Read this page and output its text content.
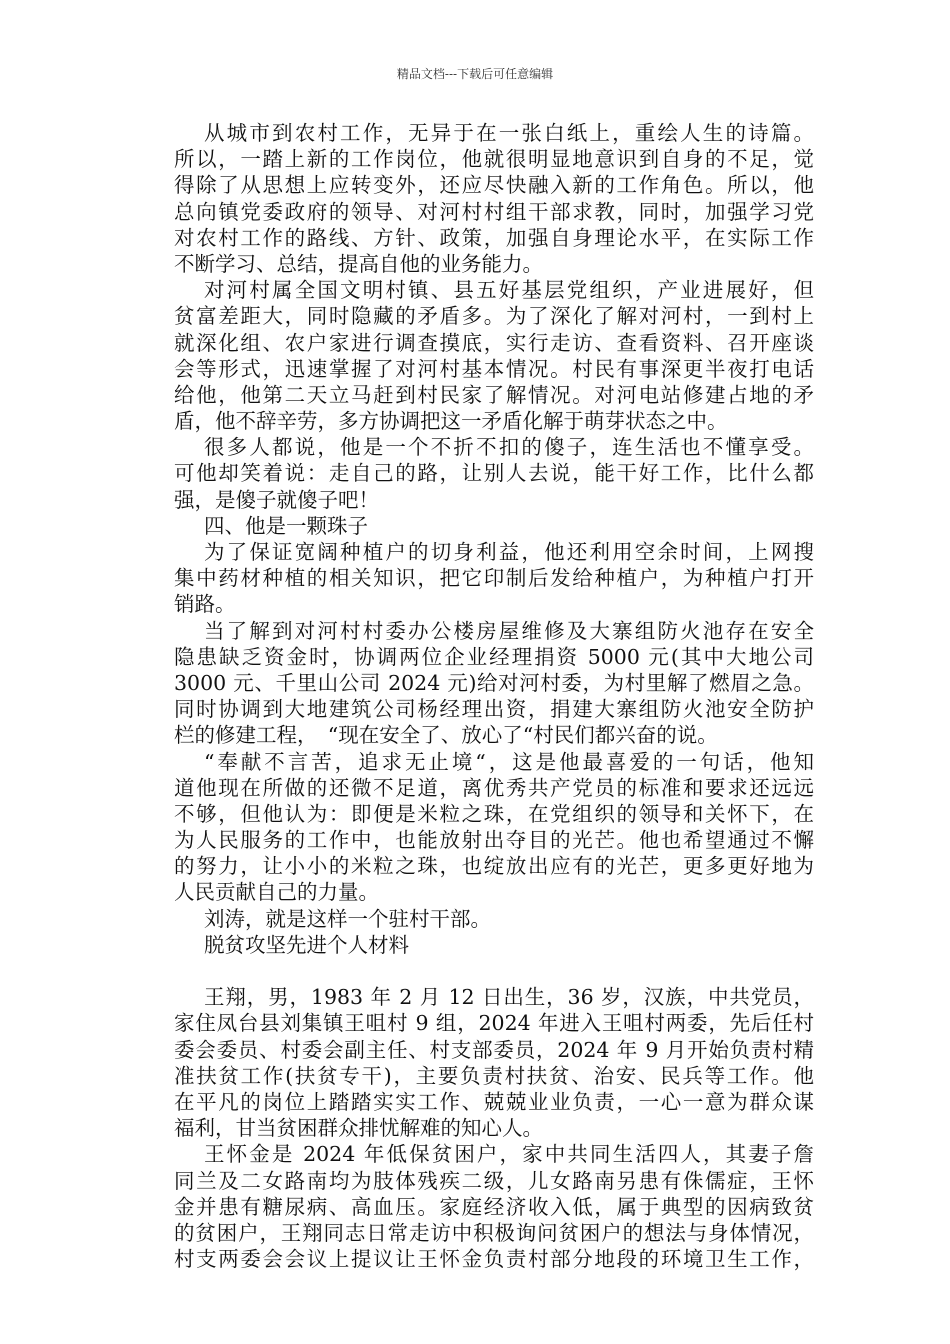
精品文档---下载后可任意编辑
从城市到农村工作，无异于在一张白纸上，重绘人生的诗篇。
所以，一踏上新的工作岗位，他就很明显地意识到自身的不足，觉
得除了从思想上应转变外，还应尽快融入新的工作角色。所以，他
总向镇党委政府的领导、对河村村组干部求教，同时，加强学习党
对农村工作的路线、方针、政策，加强自身理论水平，在实际工作
不断学习、总结，提高自他的业务能力。
对河村属全国文明村镇、县五好基层党组织，产业进展好，但
贫富差距大，同时隐藏的矛盾多。为了深化了解对河村，一到村上
就深化组、农户家进行调查摸底，实行走访、查看资料、召开座谈
会等形式，迅速掌握了对河村基本情况。村民有事深更半夜打电话
给他，他第二天立马赶到村民家了解情况。对河电站修建占地的矛
盾，他不辞辛劳，多方协调把这一矛盾化解于萌芽状态之中。
很多人都说，他是一个不折不扣的傻子，连生活也不懂享受。
可他却笑着说：走自己的路，让别人去说，能干好工作，比什么都
强，是傻子就傻子吧！
四、他是一颗珠子
为了保证宽阔种植户的切身利益，他还利用空余时间，上网搜
集中药材种植的相关知识，把它印制后发给种植户，为种植户打开
销路。
当了解到对河村村委办公楼房屋维修及大寨组防火池存在安全
隐患缺乏资金时，协调两位企业经理捐资 5000 元(其中大地公司
3000 元、千里山公司 2024 元)给对河村委，为村里解了燃眉之急。
同时协调到大地建筑公司杨经理出资，捐建大寨组防火池安全防护
栏的修建工程，　“现在安全了、放心了“村民们都兴奋的说。
“奉献不言苦，追求无止境“，这是他最喜爱的一句话，他知
道他现在所做的还微不足道，离优秀共产党员的标准和要求还远远
不够，但他认为：即便是米粒之珠，在党组织的领导和关怀下，在
为人民服务的工作中，也能放射出夺目的光芒。他也希望通过不懈
的努力，让小小的米粒之珠，也绽放出应有的光芒，更多更好地为
人民贡献自己的力量。
刘涛，就是这样一个驻村干部。
脱贫攻坚先进个人材料
王翔，男，1983 年 2 月 12 日出生，36 岁，汉族，中共党员，
家住凤台县刘集镇王咀村 9 组，2024 年进入王咀村两委，先后任村
委会委员、村委会副主任、村支部委员，2024 年 9 月开始负责村精
准扶贫工作(扶贫专干)，主要负责村扶贫、治安、民兵等工作。他
在平凡的岗位上踏踏实实工作、兢兢业业负责，一心一意为群众谋
福利，甘当贫困群众排忧解难的知心人。
王怀金是 2024 年低保贫困户，家中共同生活四人，其妻子詹
同兰及二女路南均为肢体残疾二级，儿女路南另患有侏儒症，王怀
金并患有糖尿病、高血压。家庭经济收入低，属于典型的因病致贫
的贫困户，王翔同志日常走访中积极询问贫困户的想法与身体情况，
村支两委会会议上提议让王怀金负责村部分地段的环境卫生工作，
